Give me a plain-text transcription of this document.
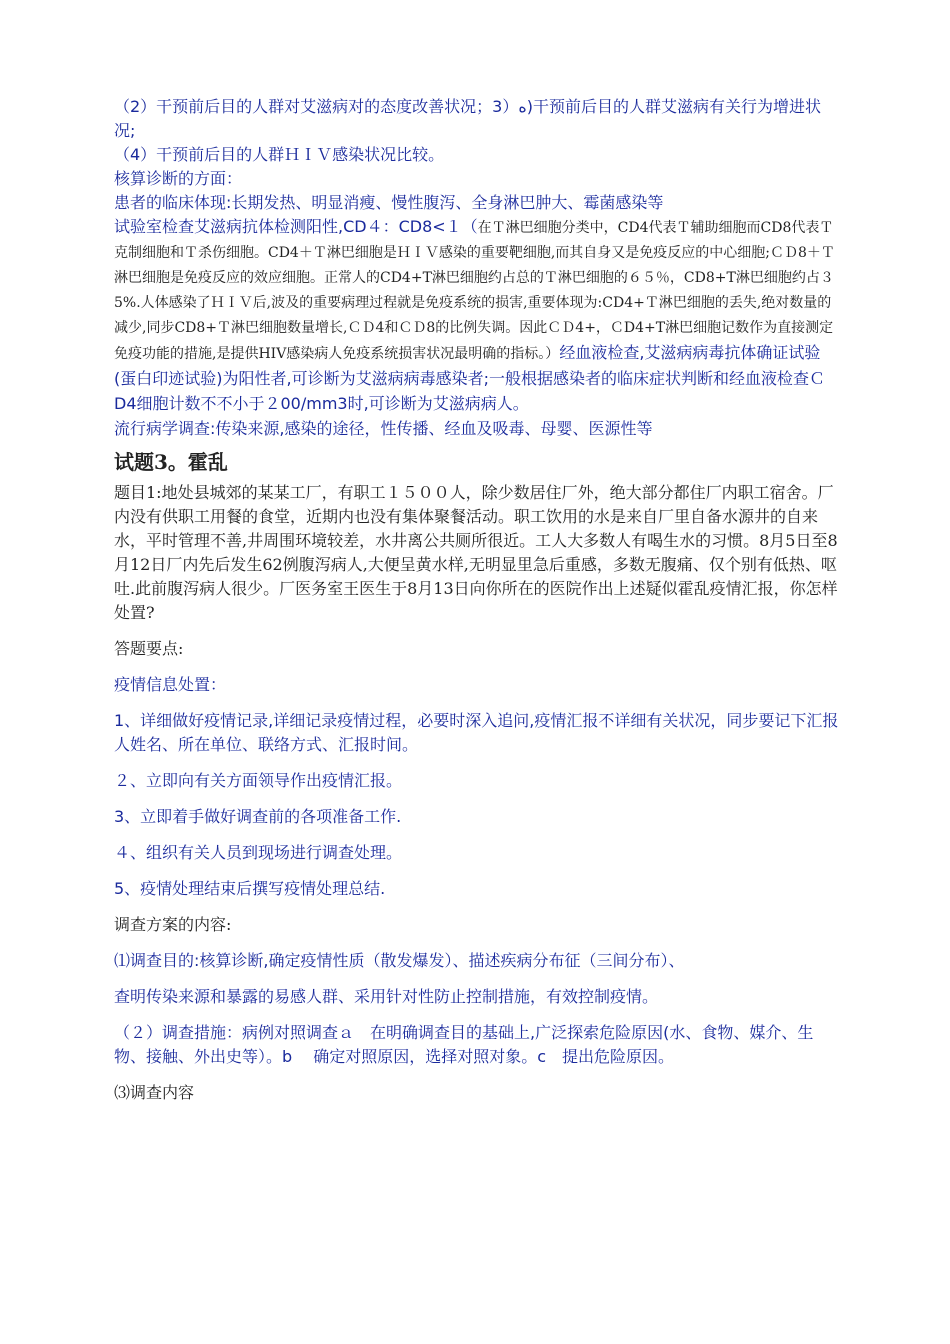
（2）干预前后目的人群对艾滋病对的态度改善状况；3）ﻩ)干预前后目的人群艾滋病有关行为增进状况;

（4）干预前后目的人群ＨＩＶ感染状况比较。

核算诊断的方面：

患者的临床体现:长期发热、明显消瘦、慢性腹泻、全身淋巴肿大、霉菌感染等

试验室检查艾滋病抗体检测阳性,CD４：CD8<１（在Ｔ淋巴细胞分类中，CD4代表Ｔ辅助细胞而CD8代表Ｔ克制细胞和Ｔ杀伤细胞。CD4＋Ｔ淋巴细胞是ＨＩＶ感染的重要靶细胞,而其自身又是免疫反应的中心细胞;ＣＤ8＋Ｔ淋巴细胞是免疫反应的效应细胞。正常人的CD4+T淋巴细胞约占总的Ｔ淋巴细胞的６５％，CD8+T淋巴细胞约占３5%.人体感染了ＨＩＶ后,波及的重要病理过程就是免疫系统的损害,重要体现为:CD4+Ｔ淋巴细胞的丢失,绝对数量的减少,同步CD8+Ｔ淋巴细胞数量增长,ＣＤ4和ＣＤ8的比例失调。因此ＣＤ4+，ＣD4+T淋巴细胞记数作为直接测定免疫功能的措施,是提供HIV感染病人免疫系统损害状况最明确的指标。）经血液检查,艾滋病病毒抗体确证试验(蛋白印迹试验)为阳性者,可诊断为艾滋病病毒感染者;一般根据感染者的临床症状判断和经血液检查ＣD4细胞计数不不小于２00/mm3时,可诊断为艾滋病病人。

流行病学调查:传染来源,感染的途径，性传播、经血及吸毒、母婴、医源性等

试题3。霍乱

题目1:地处县城郊的某某工厂，有职工１５００人，除少数居住厂外，绝大部分都住厂内职工宿舍。厂内没有供职工用餐的食堂，近期内也没有集体聚餐活动。职工饮用的水是来自厂里自备水源井的自来水，平时管理不善,井周围环境较差，水井离公共厕所很近。工人大多数人有喝生水的习惯。8月5日至8月12日厂内先后发生62例腹泻病人,大便呈黄水样,无明显里急后重感，多数无腹痛、仅个别有低热、呕吐.此前腹泻病人很少。厂医务室王医生于8月13日向你所在的医院作出上述疑似霍乱疫情汇报，你怎样处置?

答题要点:

疫情信息处置：

1、详细做好疫情记录,详细记录疫情过程，必要时深入追问,疫情汇报不详细有关状况，同步要记下汇报人姓名、所在单位、联络方式、汇报时间。

２、立即向有关方面领导作出疫情汇报。

3、立即着手做好调查前的各项准备工作.

４、组织有关人员到现场进行调查处理。

5、疫情处理结束后撰写疫情处理总结.

调查方案的内容:

⑴调查目的:核算诊断,确定疫情性质（散发爆发）、描述疾病分布征（三间分布）、

查明传染来源和暴露的易感人群、采用针对性防止控制措施，有效控制疫情。

（２）调查措施：病例对照调查ａ　在明确调查目的基础上,广泛探索危险原因(水、食物、媒介、生物、接触、外出史等）。b　 确定对照原因，选择对照对象。c　提出危险原因。

⑶调查内容
